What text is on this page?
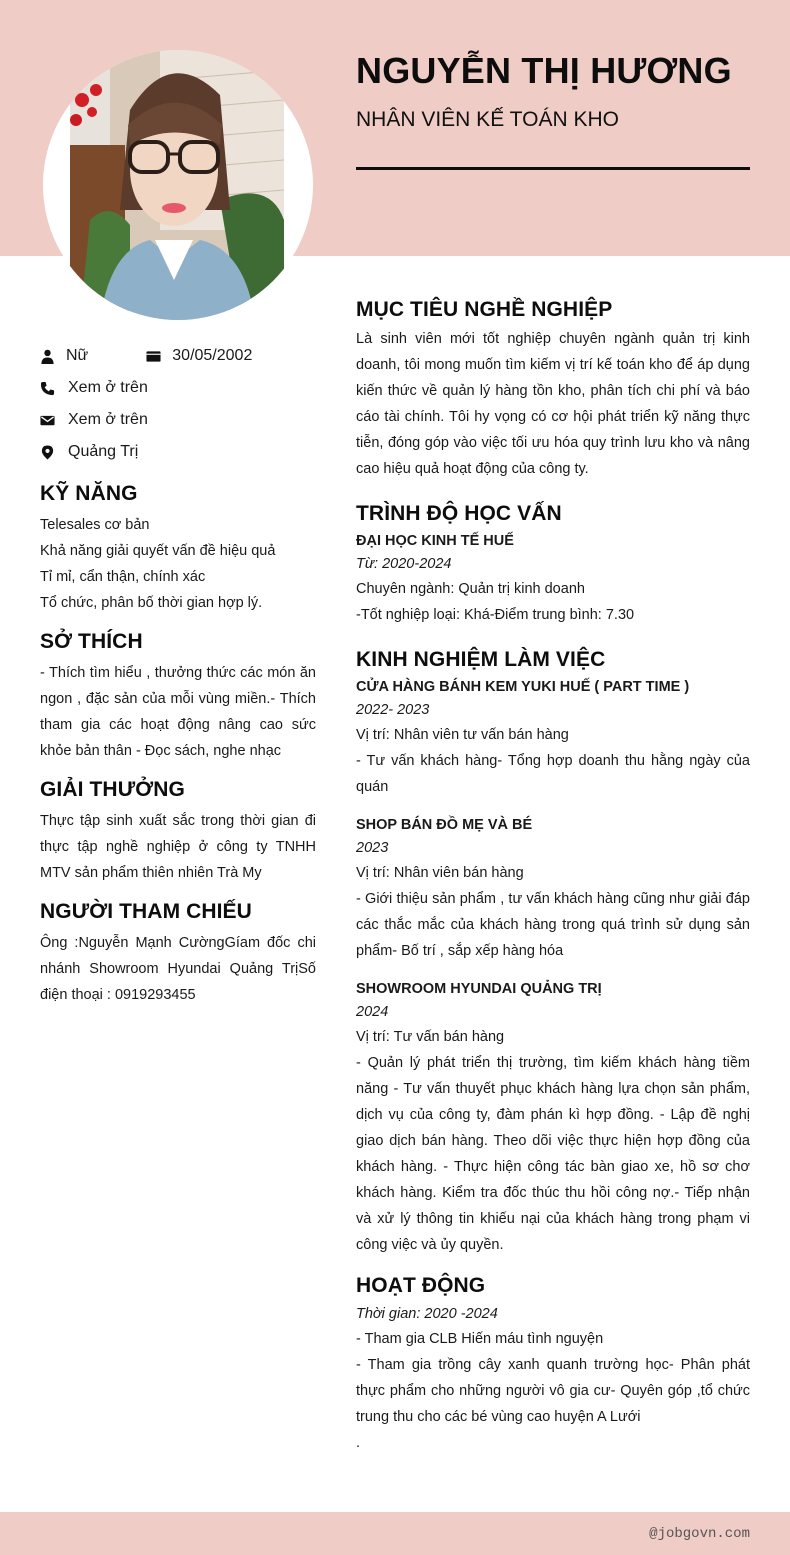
NGUYỄN THỊ HƯƠNG
NHÂN VIÊN KẾ TOÁN KHO
Nữ	30/05/2002
Xem ở trên
Xem ở trên
Quảng Trị
KỸ NĂNG
Telesales cơ bản
Khả năng giải quyết vấn đề hiệu quả
Tỉ mỉ, cẩn thận, chính xác
Tổ chức, phân bố thời gian hợp lý.
SỞ THÍCH
- Thích tìm hiểu , thưởng thức các món ăn ngon , đặc sản của mỗi vùng miền.- Thích tham gia các hoạt động nâng cao sức khỏe bản thân - Đọc sách, nghe nhạc
GIẢI THƯỞNG
Thực tập sinh xuất sắc trong thời gian đi thực tập nghề nghiệp ở công ty TNHH MTV sản phẩm thiên nhiên Trà My
NGƯỜI THAM CHIẾU
Ông :Nguyễn Mạnh CườngGíam đốc chi nhánh Showroom Hyundai Quảng TrịSố điện thoại : 0919293455
MỤC TIÊU NGHỀ NGHIỆP
Là sinh viên mới tốt nghiệp chuyên ngành quản trị kinh doanh, tôi mong muốn tìm kiếm vị trí kế toán kho để áp dụng kiến thức về quản lý hàng tồn kho, phân tích chi phí và báo cáo tài chính. Tôi hy vọng có cơ hội phát triển kỹ năng thực tiễn, đóng góp vào việc tối ưu hóa quy trình lưu kho và nâng cao hiệu quả hoạt động của công ty.
TRÌNH ĐỘ HỌC VẤN
ĐẠI HỌC KINH TẾ HUẾ
Từ: 2020-2024
Chuyên ngành: Quản trị kinh doanh
-Tốt nghiệp loại: Khá-Điểm trung bình: 7.30
KINH NGHIỆM LÀM VIỆC
CỬA HÀNG BÁNH KEM YUKI HUẾ ( PART TIME )
2022- 2023
Vị trí: Nhân viên tư vấn bán hàng
- Tư vấn khách hàng- Tổng hợp doanh thu hằng ngày của quán
SHOP BÁN ĐỒ MẸ VÀ BÉ
2023
Vị trí: Nhân viên bán hàng
- Giới thiệu sản phẩm , tư vấn khách hàng cũng như giải đáp các thắc mắc của khách hàng trong quá trình sử dụng sản phẩm- Bố trí , sắp xếp hàng hóa
SHOWROOM HYUNDAI QUẢNG TRỊ
2024
Vị trí: Tư vấn bán hàng
- Quản lý phát triển thị trường, tìm kiếm khách hàng tiềm năng - Tư vấn thuyết phục khách hàng lựa chọn sản phẩm, dịch vụ của công ty, đàm phán kì hợp đồng. - Lập đề nghị giao dịch bán hàng. Theo dõi việc thực hiện hợp đồng của khách hàng. - Thực hiện công tác bàn giao xe, hồ sơ chơ khách hàng. Kiểm tra đốc thúc thu hồi công nợ.- Tiếp nhận và xử lý thông tin khiếu nại của khách hàng trong phạm vi công việc và ủy quyền.
HOẠT ĐỘNG
Thời gian: 2020 -2024
- Tham gia CLB Hiến máu tình nguyện
- Tham gia trồng cây xanh quanh trường học- Phân phát thực phẩm cho những người vô gia cư- Quyên góp ,tổ chức trung thu cho các bé vùng cao huyện A Lưới
.
@jobgovn.com
